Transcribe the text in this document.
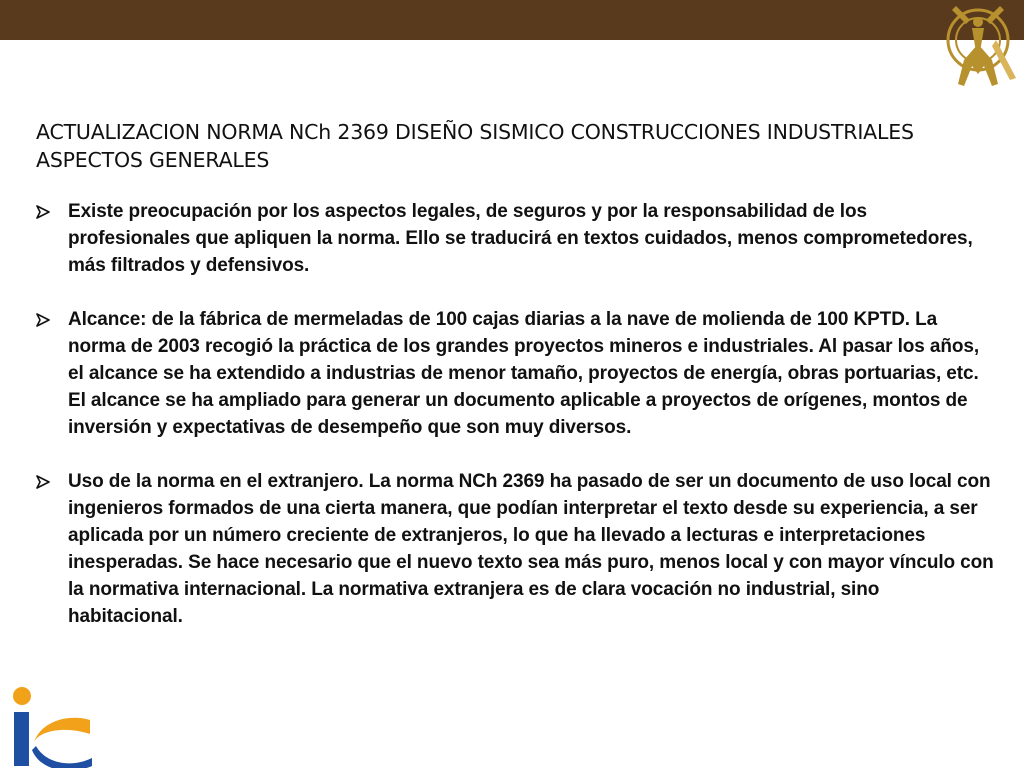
ACTUALIZACION NORMA NCh 2369 DISEÑO SISMICO CONSTRUCCIONES INDUSTRIALES
ASPECTOS GENERALES
Existe preocupación por los aspectos legales, de seguros y por la responsabilidad de los profesionales que apliquen la norma. Ello se traducirá en textos cuidados, menos comprometedores, más filtrados y defensivos.
Alcance: de la fábrica de mermeladas de 100 cajas diarias a la nave de molienda de 100 KPTD. La norma de 2003 recogió la práctica de los grandes proyectos mineros e industriales. Al pasar los años, el alcance se ha extendido a industrias de menor tamaño, proyectos de energía, obras portuarias, etc. El alcance se ha ampliado para generar un documento aplicable a proyectos de orígenes, montos de inversión y expectativas de desempeño que son muy diversos.
Uso de la norma en el extranjero. La norma NCh 2369 ha pasado de ser un documento de uso local con ingenieros formados de una cierta manera, que podían interpretar el texto desde su experiencia, a ser aplicada por un número creciente de extranjeros, lo que ha llevado a lecturas e interpretaciones inesperadas. Se hace necesario que el nuevo texto sea más puro, menos local y con mayor vínculo con la normativa internacional. La normativa extranjera es de clara vocación no industrial, sino habitacional.
